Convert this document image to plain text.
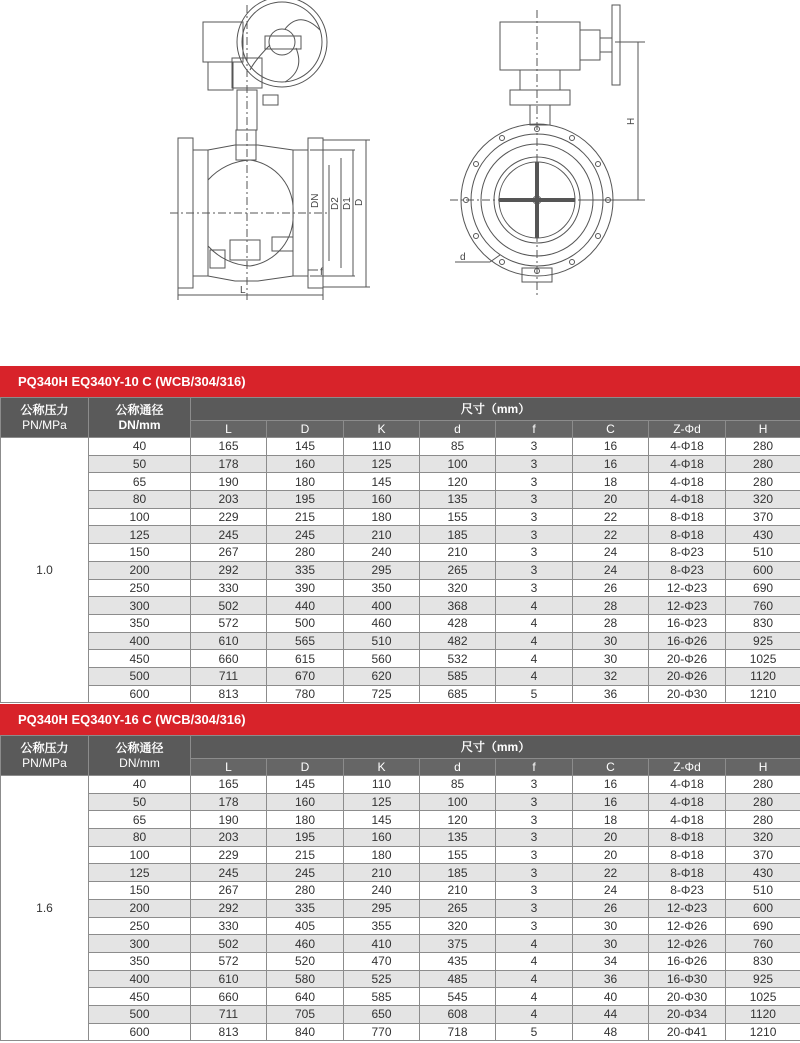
DN D2 D1 D
L
f
H
d
PQ340H EQ340Y-10 C (WCB/304/316)
公称压力
PN/MPa	公称通径
DN/mm	尺寸（mm）							
		L	D	K	d	f	C	Z-Φd	H
1.0	40	165	145	110	85	3	16	4-Φ18	280
	50	178	160	125	100	3	16	4-Φ18	280
	65	190	180	145	120	3	18	4-Φ18	280
	80	203	195	160	135	3	20	4-Φ18	320
	100	229	215	180	155	3	22	8-Φ18	370
	125	245	245	210	185	3	22	8-Φ18	430
	150	267	280	240	210	3	24	8-Φ23	510
	200	292	335	295	265	3	24	8-Φ23	600
	250	330	390	350	320	3	26	12-Φ23	690
	300	502	440	400	368	4	28	12-Φ23	760
	350	572	500	460	428	4	28	16-Φ23	830
	400	610	565	510	482	4	30	16-Φ26	925
	450	660	615	560	532	4	30	20-Φ26	1025
	500	711	670	620	585	4	32	20-Φ26	1120
	600	813	780	725	685	5	36	20-Φ30	1210
PQ340H EQ340Y-16 C (WCB/304/316)
公称压力
PN/MPa	公称通径
DN/mm	尺寸（mm）							
		L	D	K	d	f	C	Z-Φd	H
1.6	40	165	145	110	85	3	16	4-Φ18	280
	50	178	160	125	100	3	16	4-Φ18	280
	65	190	180	145	120	3	18	4-Φ18	280
	80	203	195	160	135	3	20	8-Φ18	320
	100	229	215	180	155	3	20	8-Φ18	370
	125	245	245	210	185	3	22	8-Φ18	430
	150	267	280	240	210	3	24	8-Φ23	510
	200	292	335	295	265	3	26	12-Φ23	600
	250	330	405	355	320	3	30	12-Φ26	690
	300	502	460	410	375	4	30	12-Φ26	760
	350	572	520	470	435	4	34	16-Φ26	830
	400	610	580	525	485	4	36	16-Φ30	925
	450	660	640	585	545	4	40	20-Φ30	1025
	500	711	705	650	608	4	44	20-Φ34	1120
	600	813	840	770	718	5	48	20-Φ41	1210
